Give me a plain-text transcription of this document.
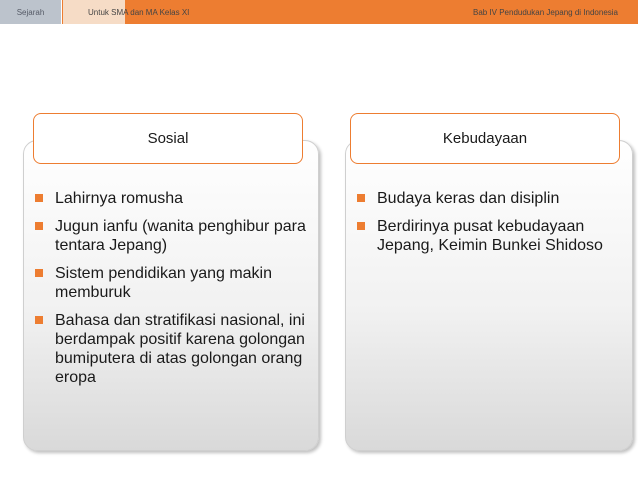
Sejarah	Untuk SMA dan MA Kelas XI	Bab IV Pendudukan Jepang di Indonesia
Lahirnya romusha
Jugun ianfu (wanita penghibur para tentara Jepang)
Sistem pendidikan yang makin memburuk
Bahasa dan stratifikasi nasional, ini berdampak positif karena golongan bumiputera di atas golongan orang eropa
Budaya keras dan disiplin
Berdirinya pusat kebudayaan Jepang, Keimin Bunkei Shidoso
Sosial	Kebudayaan
